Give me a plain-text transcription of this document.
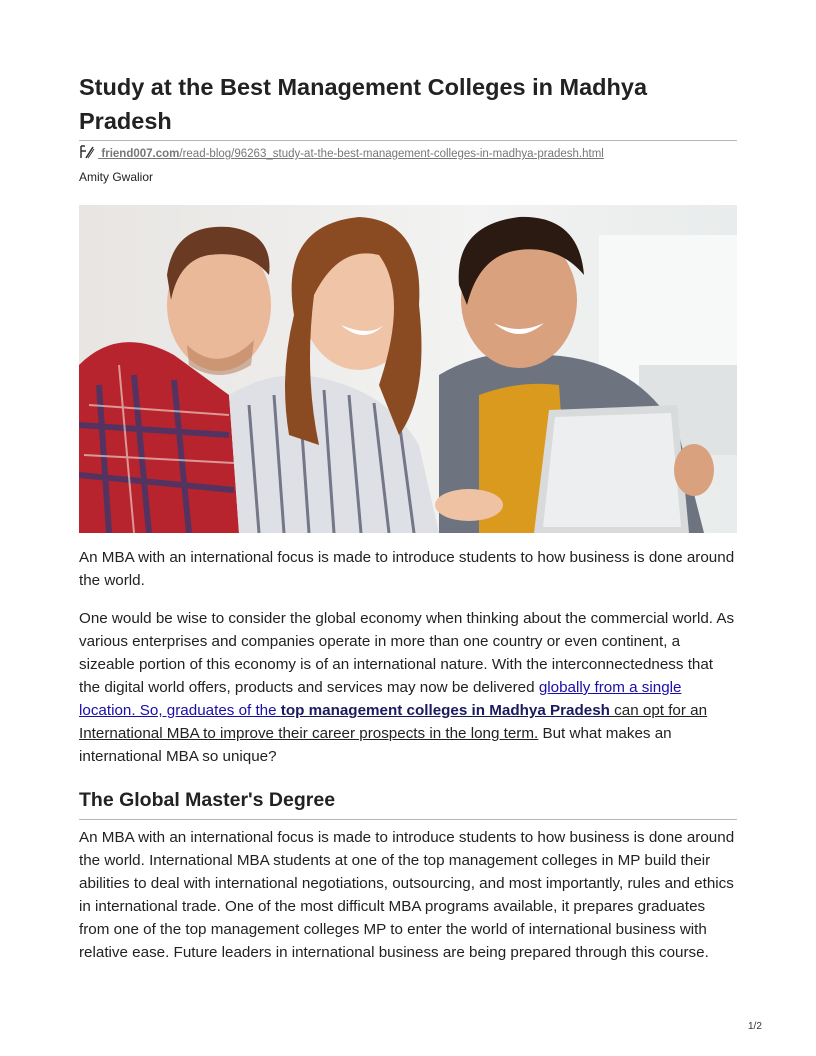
Study at the Best Management Colleges in Madhya Pradesh
friend007.com/read-blog/96263_study-at-the-best-management-colleges-in-madhya-pradesh.html
Amity Gwalior

An MBA with an international focus is made to introduce students to how business is done around the world.

One would be wise to consider the global economy when thinking about the commercial world. As various enterprises and companies operate in more than one country or even continent, a sizeable portion of this economy is of an international nature. With the interconnectedness that the digital world offers, products and services may now be delivered globally from a single location. So, graduates of the top management colleges in Madhya Pradesh can opt for an International MBA to improve their career prospects in the long term. But what makes an international MBA so unique?

The Global Master's Degree

An MBA with an international focus is made to introduce students to how business is done around the world. International MBA students at one of the top management colleges in MP build their abilities to deal with international negotiations, outsourcing, and most importantly, rules and ethics in international trade. One of the most difficult MBA programs available, it prepares graduates from one of the top management colleges MP to enter the world of international business with relative ease. Future leaders in international business are being prepared through this course.

1/2
